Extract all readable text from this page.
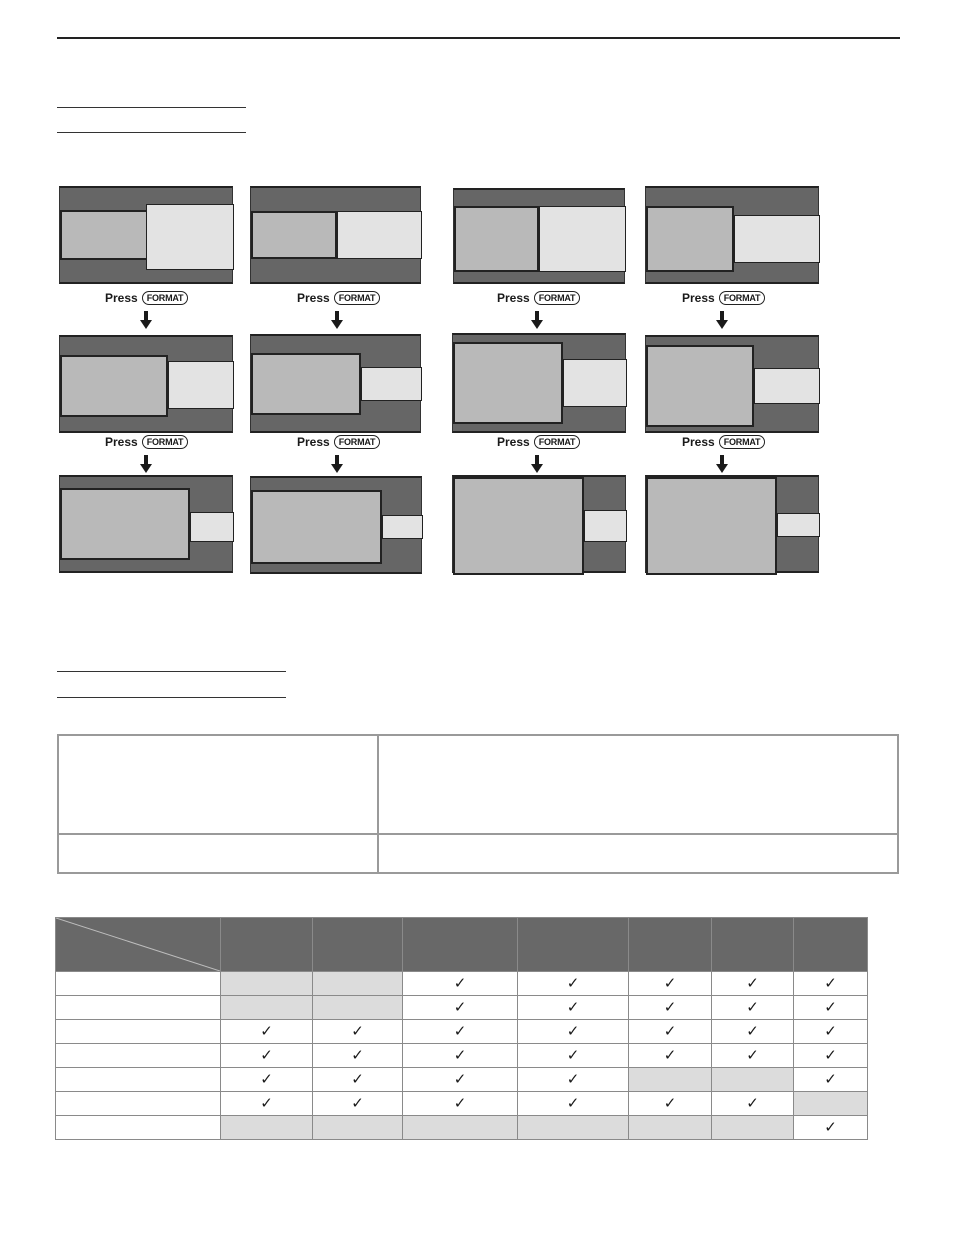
Press	FORMAT
Press	FORMAT
Press	FORMAT
Press	FORMAT
Press	FORMAT
Press	FORMAT
Press	FORMAT
Press	FORMAT

			✓	✓	✓	✓	✓
			✓	✓	✓	✓	✓
	✓	✓	✓	✓	✓	✓	✓
	✓	✓	✓	✓	✓	✓	✓
	✓	✓	✓	✓			✓
	✓	✓	✓	✓	✓	✓	
							✓
